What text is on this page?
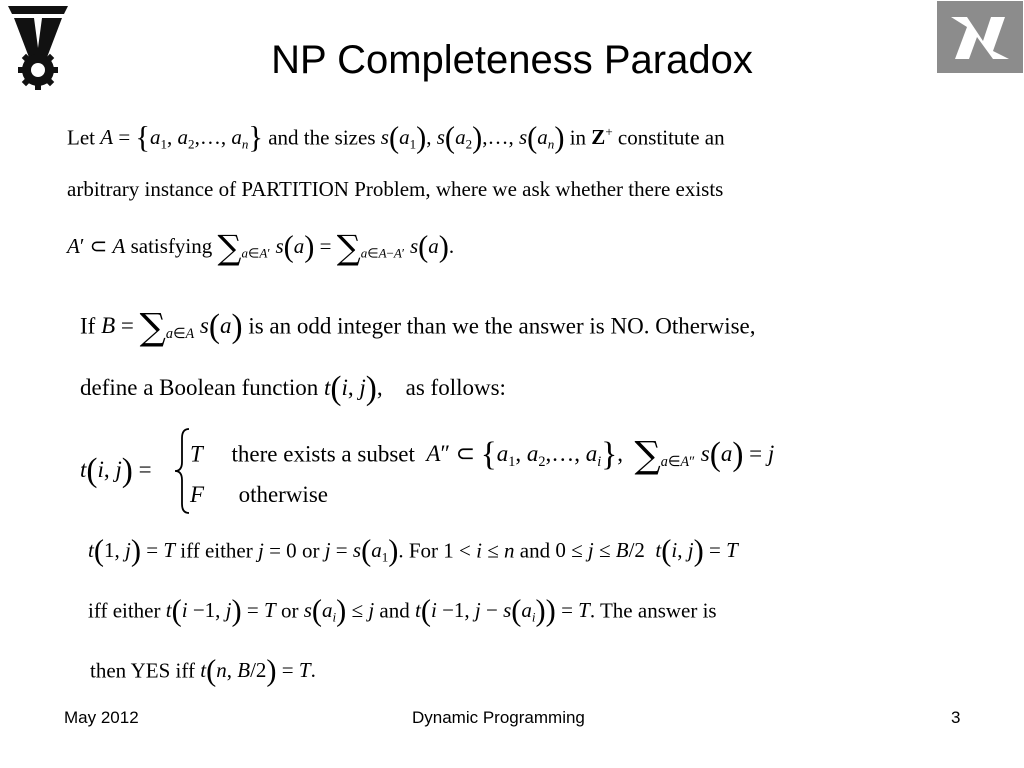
NP Completeness Paradox
Let $A = \{a_1$, $a_2,\dots$, $a_n$} and the sizes $s(a_1)$, $s(a_2),\dots$, $s(a_n)$ in Z+ constitute an
arbitrary instance of PARTITION Problem, where we ask whether there exists
A′ ⊂ A satisfying $\sum_{a\in A'}$ $s(a) = \sum_{a\in A-A'}$ s(a).
If $B = \sum_{a\in A}$ s(a) is an odd integer than we the answer is NO. Otherwise,
define a Boolean function t(i, j), as follows:
t(i, j) =
T there exists a subset A″ ⊂ {$a_1$, $a_2,\dots$, $a_i$},  $\sum_{a\in A''}$ s(a) = j
F otherwise
t(1, j) = T iff either j = 0 or $j = s(a_1)$. For 1 < i ≤ n and 0 ≤ j ≤ B/2  t(i, j) = T
iff either t(i −1, j) = T or $s(a_i) \le j$ and t(i −1, $j - s(a_i)) = T$. The answer is
then YES iff t(n, B/2) = T.
May 2012	Dynamic Programming	3
